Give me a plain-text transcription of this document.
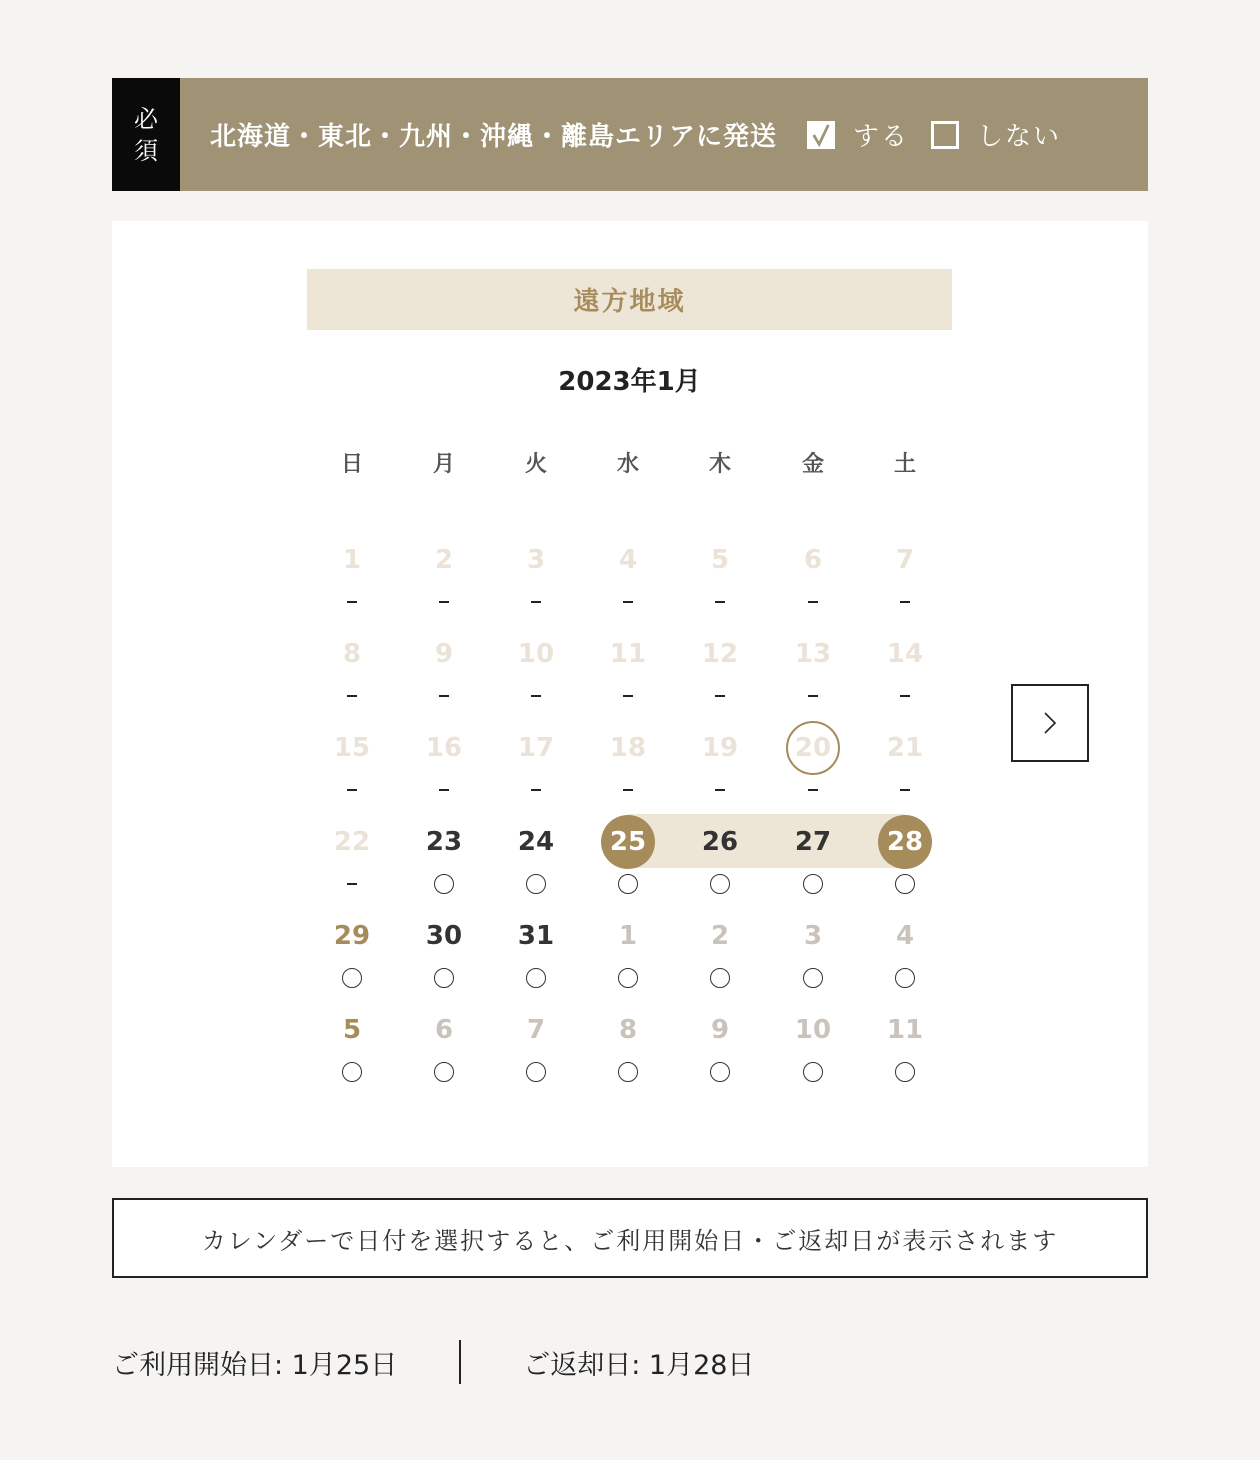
必
須 北海道・東北・九州・沖縄・離島エリアに発送	する	しない
遠方地域
2023年1月
日	月	火	水	木	金	土
1	2	3	4	5	6	7
8	9	10	11	12	13	14
15	16	17	18	19	20	21
22	23	24	25	26	27	28
29	30	31	1	2	3	4
5	6	7	8	9	10	11
カレンダーで日付を選択すると、ご利用開始日・ご返却日が表示されます
ご利用開始日: 1月25日	ご返却日: 1月28日
